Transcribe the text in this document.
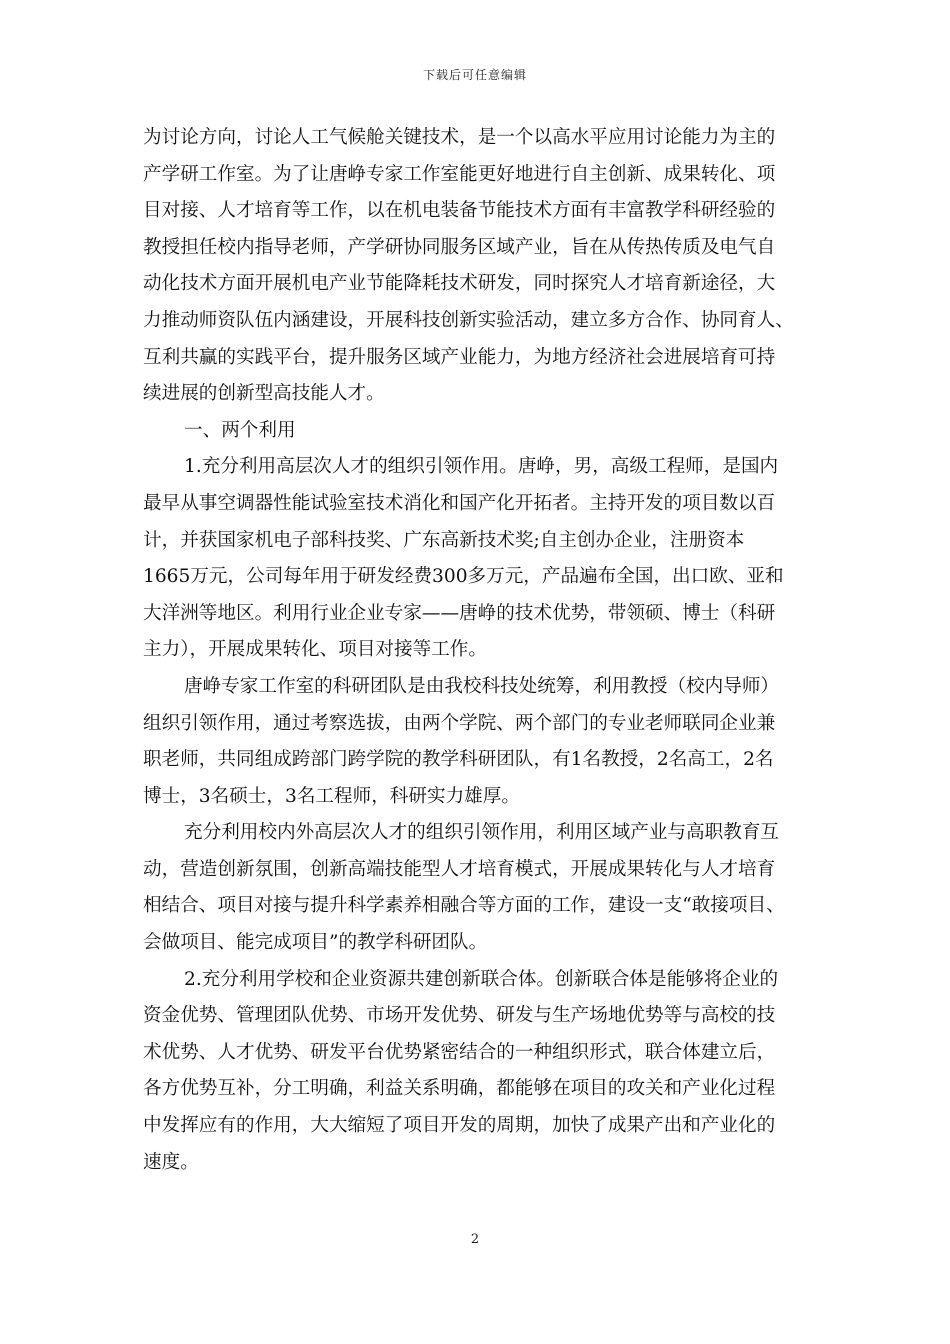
下载后可任意编辑
为讨论方向，讨论人工气候舱关键技术，是一个以高水平应用讨论能力为主的
产学研工作室。为了让唐峥专家工作室能更好地进行自主创新、成果转化、项
目对接、人才培育等工作，以在机电装备节能技术方面有丰富教学科研经验的
教授担任校内指导老师，产学研协同服务区域产业，旨在从传热传质及电气自
动化技术方面开展机电产业节能降耗技术研发，同时探究人才培育新途径，大
力推动师资队伍内涵建设，开展科技创新实验活动，建立多方合作、协同育人、
互利共赢的实践平台，提升服务区域产业能力，为地方经济社会进展培育可持
续进展的创新型高技能人才。
一、两个利用
1.充分利用高层次人才的组织引领作用。唐峥，男，高级工程师，是国内
最早从事空调器性能试验室技术消化和国产化开拓者。主持开发的项目数以百
计，并获国家机电子部科技奖、广东高新技术奖;自主创办企业，注册资本
1665万元，公司每年用于研发经费300多万元，产品遍布全国，出口欧、亚和
大洋洲等地区。利用行业企业专家——唐峥的技术优势，带领硕、博士（科研
主力），开展成果转化、项目对接等工作。
唐峥专家工作室的科研团队是由我校科技处统筹，利用教授（校内导师）
组织引领作用，通过考察选拔，由两个学院、两个部门的专业老师联同企业兼
职老师，共同组成跨部门跨学院的教学科研团队，有1名教授，2名高工，2名
博士，3名硕士，3名工程师，科研实力雄厚。
充分利用校内外高层次人才的组织引领作用，利用区域产业与高职教育互
动，营造创新氛围，创新高端技能型人才培育模式，开展成果转化与人才培育
相结合、项目对接与提升科学素养相融合等方面的工作，建设一支“敢接项目、
会做项目、能完成项目”的教学科研团队。
2.充分利用学校和企业资源共建创新联合体。创新联合体是能够将企业的
资金优势、管理团队优势、市场开发优势、研发与生产场地优势等与高校的技
术优势、人才优势、研发平台优势紧密结合的一种组织形式，联合体建立后，
各方优势互补，分工明确，利益关系明确，都能够在项目的攻关和产业化过程
中发挥应有的作用，大大缩短了项目开发的周期，加快了成果产出和产业化的
速度。
2
